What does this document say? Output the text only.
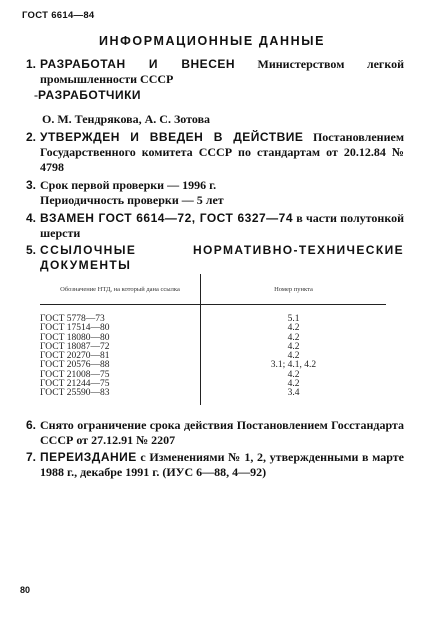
ГОСТ 6614—84
ИНФОРМАЦИОННЫЕ ДАННЫЕ
1. РАЗРАБОТАН И ВНЕСЕН Министерством легкой промышленности СССР
-РАЗРАБОТЧИКИ
О. М. Тендрякова, А. С. Зотова
2. УТВЕРЖДЕН И ВВЕДЕН В ДЕЙСТВИЕ Постановлением Государственного комитета СССР по стандартам от 20.12.84 № 4798
3. Срок первой проверки — 1996 г.
Периодичность проверки — 5 лет
4. ВЗАМЕН ГОСТ 6614—72, ГОСТ 6327—74 в части полутонкой шерсти
5. ССЫЛОЧНЫЕ НОРМАТИВНО-ТЕХНИЧЕСКИЕ ДОКУМЕНТЫ
Обозначение НТД, на который дана ссылка	Номер пункта
ГОСТ 5778—73	5.1
ГОСТ 17514—80	4.2
ГОСТ 18080—80	4.2
ГОСТ 18087—72	4.2
ГОСТ 20270—81	4.2
ГОСТ 20576—88	3.1; 4.1, 4.2
ГОСТ 21008—75	4.2
ГОСТ 21244—75	4.2
ГОСТ 25590—83	3.4
6. Снято ограничение срока действия Постановлением Госстандарта СССР от 27.12.91 № 2207
7. ПЕРЕИЗДАНИЕ с Изменениями № 1, 2, утвержденными в марте 1988 г., декабре 1991 г. (ИУС 6—88, 4—92)
80
